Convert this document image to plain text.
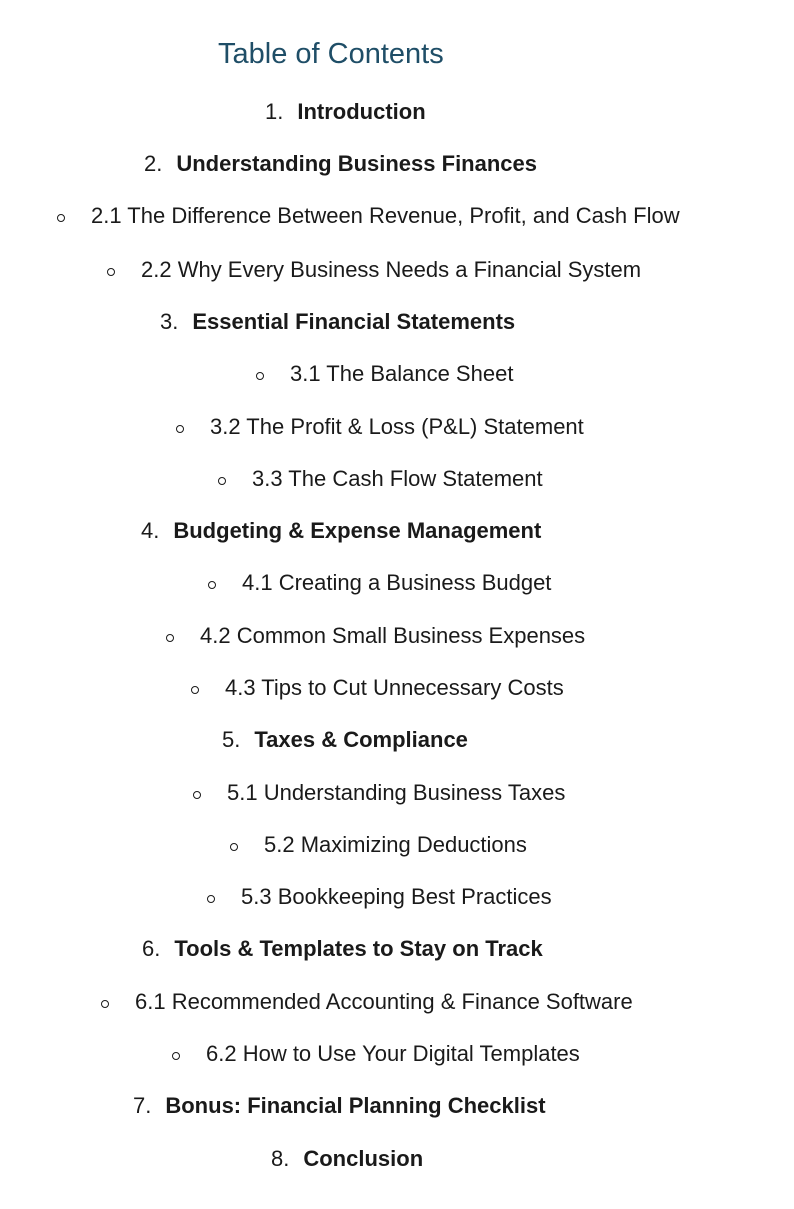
Table of Contents
1. Introduction
2. Understanding Business Finances
2.1 The Difference Between Revenue, Profit, and Cash Flow
2.2 Why Every Business Needs a Financial System
3. Essential Financial Statements
3.1 The Balance Sheet
3.2 The Profit & Loss (P&L) Statement
3.3 The Cash Flow Statement
4. Budgeting & Expense Management
4.1 Creating a Business Budget
4.2 Common Small Business Expenses
4.3 Tips to Cut Unnecessary Costs
5. Taxes & Compliance
5.1 Understanding Business Taxes
5.2 Maximizing Deductions
5.3 Bookkeeping Best Practices
6. Tools & Templates to Stay on Track
6.1 Recommended Accounting & Finance Software
6.2 How to Use Your Digital Templates
7. Bonus: Financial Planning Checklist
8. Conclusion
